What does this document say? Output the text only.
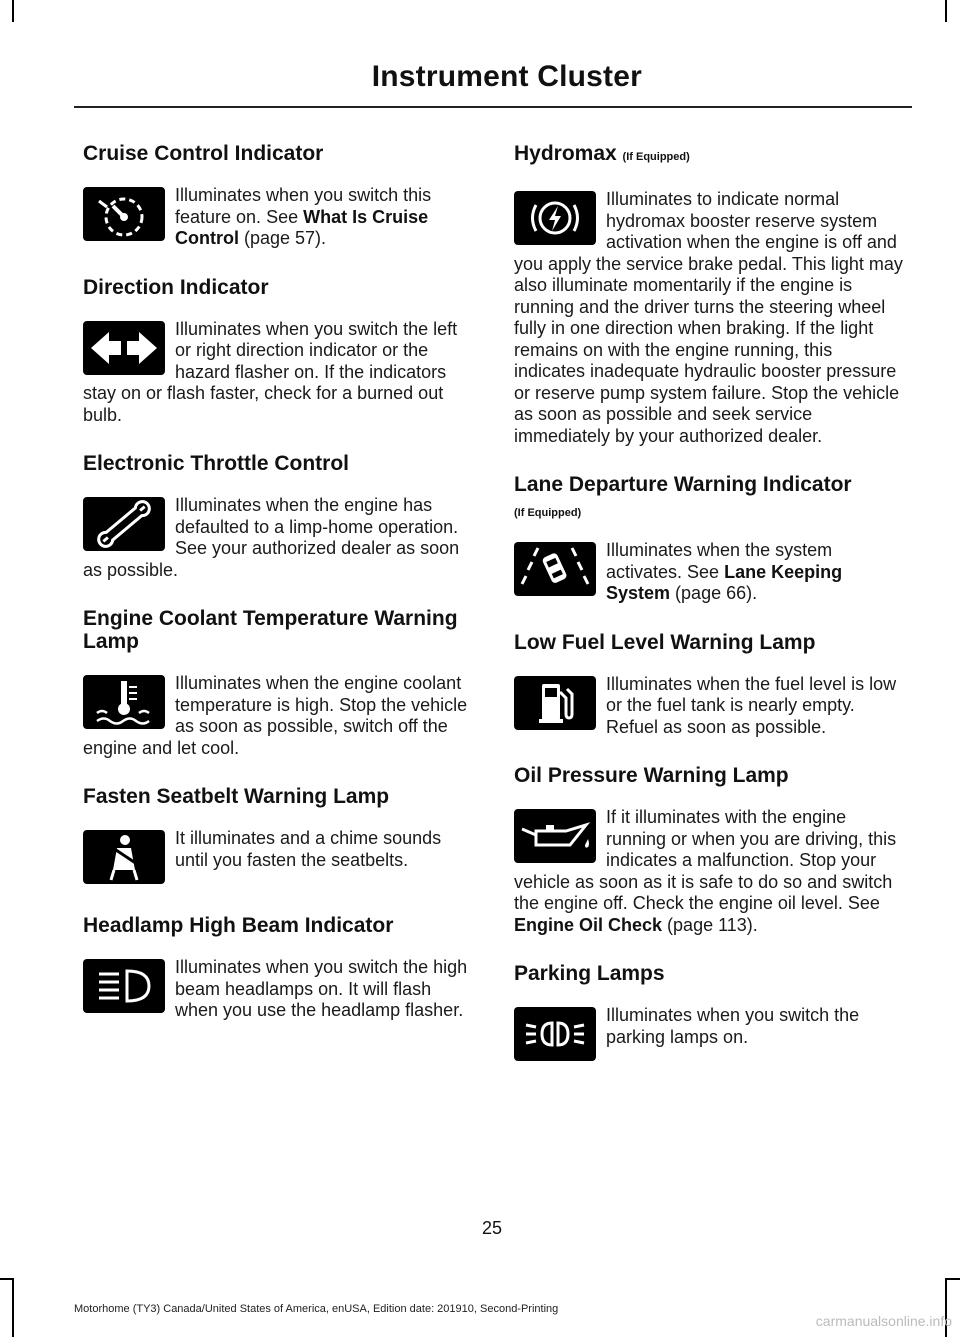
Instrument Cluster
Cruise Control Indicator

Illuminates when you switch this feature on. See What Is Cruise Control (page 57).

Direction Indicator

Illuminates when you switch the left or right direction indicator or the hazard flasher on. If the indicators stay on or flash faster, check for a burned out bulb.

Electronic Throttle Control

Illuminates when the engine has defaulted to a limp-home operation. See your authorized dealer as soon as possible.

Engine Coolant Temperature Warning Lamp

Illuminates when the engine coolant temperature is high. Stop the vehicle as soon as possible, switch off the engine and let cool.

Fasten Seatbelt Warning Lamp

It illuminates and a chime sounds until you fasten the seatbelts.

Headlamp High Beam Indicator

Illuminates when you switch the high beam headlamps on. It will flash when you use the headlamp flasher.

Hydromax (If Equipped)

Illuminates to indicate normal hydromax booster reserve system activation when the engine is off and you apply the service brake pedal. This light may also illuminate momentarily if the engine is running and the driver turns the steering wheel fully in one direction when braking. If the light remains on with the engine running, this indicates inadequate hydraulic booster pressure or reserve pump system failure. Stop the vehicle as soon as possible and seek service immediately by your authorized dealer.

Lane Departure Warning Indicator
(If Equipped)

Illuminates when the system activates. See Lane Keeping System (page 66).

Low Fuel Level Warning Lamp

Illuminates when the fuel level is low or the fuel tank is nearly empty. Refuel as soon as possible.

Oil Pressure Warning Lamp

If it illuminates with the engine running or when you are driving, this indicates a malfunction. Stop your vehicle as soon as it is safe to do so and switch the engine off. Check the engine oil level. See Engine Oil Check (page 113).

Parking Lamps

Illuminates when you switch the parking lamps on.

25
Motorhome (TY3) Canada/United States of America, enUSA, Edition date: 201910, Second-Printing
carmanualsonline.info
